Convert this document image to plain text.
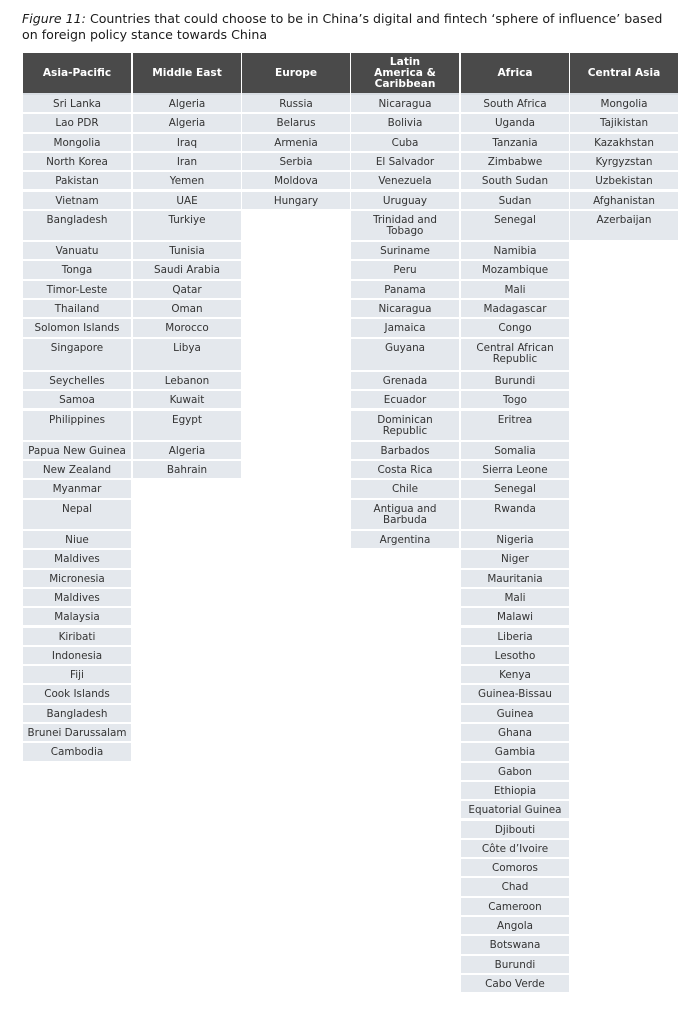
Figure 11: Countries that could choose to be in China’s digital and fintech ‘sphere of influence’ based
on foreign policy stance towards China
Asia-Pacific
Sri Lanka
Lao PDR
Mongolia
North Korea
Pakistan
Vietnam
Bangladesh
Vanuatu
Tonga
Timor-Leste
Thailand
Solomon Islands
Singapore
Seychelles
Samoa
Philippines
Papua New Guinea
New Zealand
Myanmar
Nepal
Niue
Maldives
Micronesia
Maldives
Malaysia
Kiribati
Indonesia
Fiji
Cook Islands
Bangladesh
Brunei Darussalam
Cambodia
Middle East
Algeria
Algeria
Iraq
Iran
Yemen
UAE
Turkiye
Tunisia
Saudi Arabia
Qatar
Oman
Morocco
Libya
Lebanon
Kuwait
Egypt
Algeria
Bahrain
Europe
Russia
Belarus
Armenia
Serbia
Moldova
Hungary
Latin America & Caribbean
Nicaragua
Bolivia
Cuba
El Salvador
Venezuela
Uruguay
Trinidad and Tobago
Suriname
Peru
Panama
Nicaragua
Jamaica
Guyana
Grenada
Ecuador
Dominican Republic
Barbados
Costa Rica
Chile
Antigua and Barbuda
Argentina
Africa
South Africa
Uganda
Tanzania
Zimbabwe
South Sudan
Sudan
Senegal
Namibia
Mozambique
Mali
Madagascar
Congo
Central African Republic
Burundi
Togo
Eritrea
Somalia
Sierra Leone
Senegal
Rwanda
Nigeria
Niger
Mauritania
Mali
Malawi
Liberia
Lesotho
Kenya
Guinea-Bissau
Guinea
Ghana
Gambia
Gabon
Ethiopia
Equatorial Guinea
Djibouti
Côte d’Ivoire
Comoros
Chad
Cameroon
Angola
Botswana
Burundi
Cabo Verde
Central Asia
Mongolia
Tajikistan
Kazakhstan
Kyrgyzstan
Uzbekistan
Afghanistan
Azerbaijan
